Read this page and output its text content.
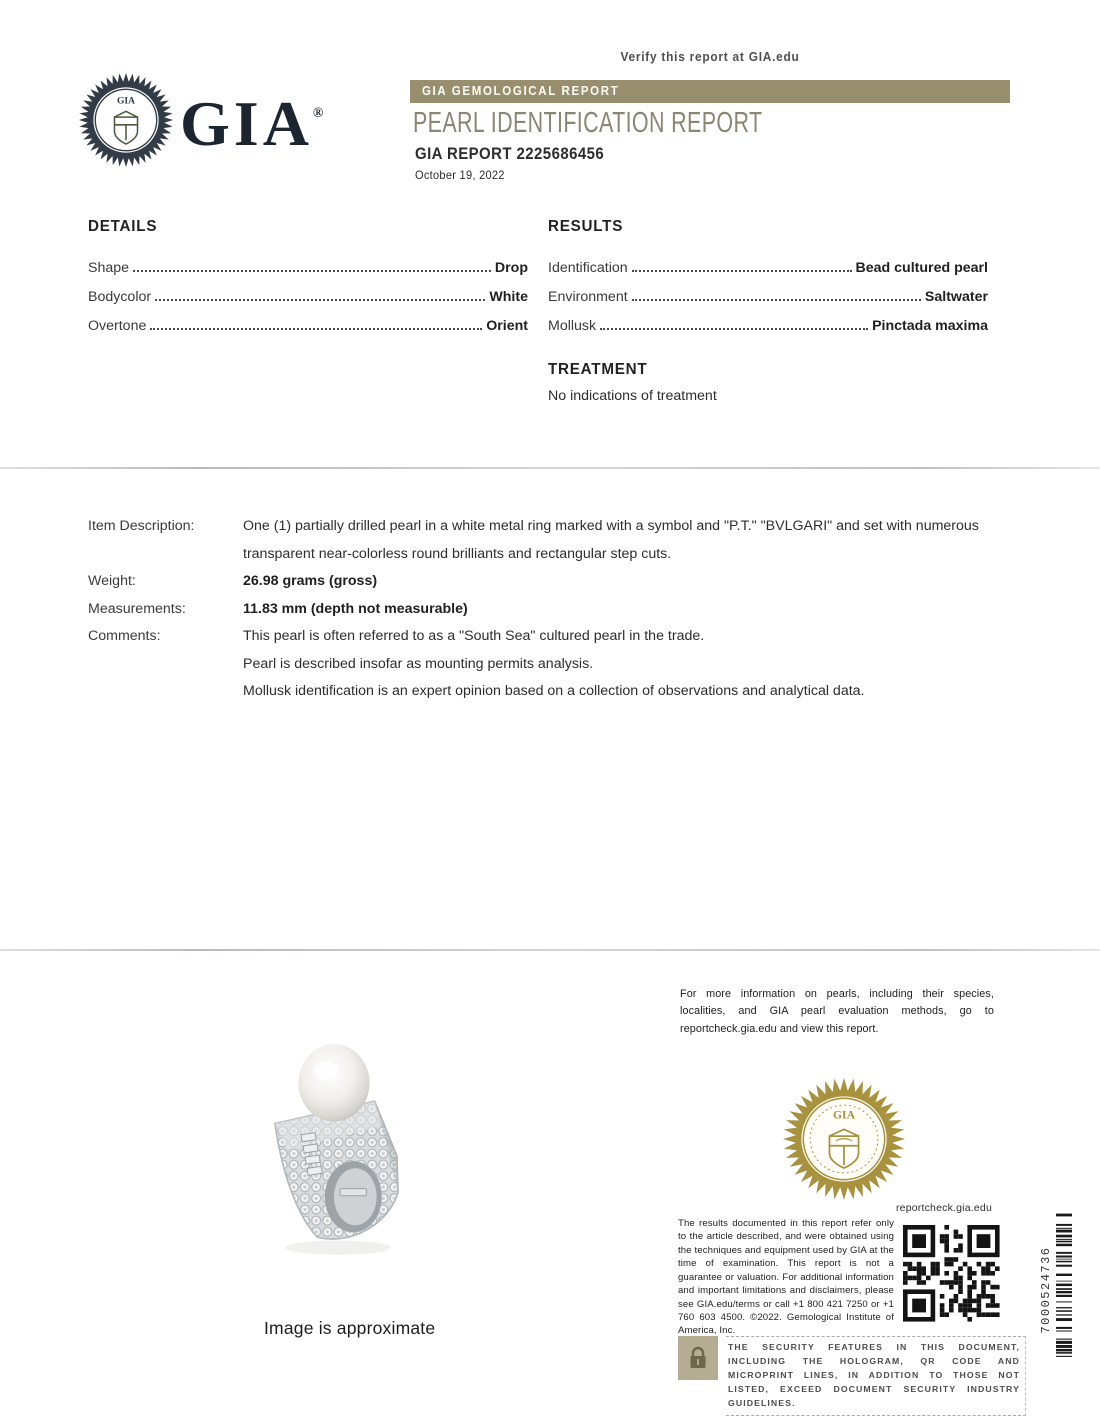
Verify this report at GIA.edu
GIA GIA®
GIA GEMOLOGICAL REPORT
PEARL IDENTIFICATION REPORT
GIA REPORT 2225686456
October 19, 2022
DETAILS
Shape	Drop
Bodycolor	White
Overtone	Orient
RESULTS
Identification	Bead cultured pearl
Environment	Saltwater
Mollusk	Pinctada maxima
TREATMENT
No indications of treatment
Item Description:	One (1) partially drilled pearl in a white metal ring marked with a symbol and "P.T." "BVLGARI" and set with numerous transparent near-colorless round brilliants and rectangular step cuts.
Weight:	26.98 grams (gross)
Measurements:	11.83 mm (depth not measurable)
Comments:	This pearl is often referred to as a "South Sea" cultured pearl in the trade.
Pearl is described insofar as mounting permits analysis.
Mollusk identification is an expert opinion based on a collection of observations and analytical data.
For more information on pearls, including their species, localities, and GIA pearl evaluation methods, go to reportcheck.gia.edu and view this report.
Image is approximate
GIA
reportcheck.gia.edu
The results documented in this report refer only to the article described, and were obtained using the techniques and equipment used by GIA at the time of examination. This report is not a guarantee or valuation. For additional information and important limitations and disclaimers, please see GIA.edu/terms or call +1 800 421 7250 or +1 760 603 4500. ©2022. Gemological Institute of America, Inc.	7000524736
THE SECURITY FEATURES IN THIS DOCUMENT, INCLUDING THE HOLOGRAM, QR CODE AND MICROPRINT LINES, IN ADDITION TO THOSE NOT LISTED, EXCEED DOCUMENT SECURITY INDUSTRY GUIDELINES.
